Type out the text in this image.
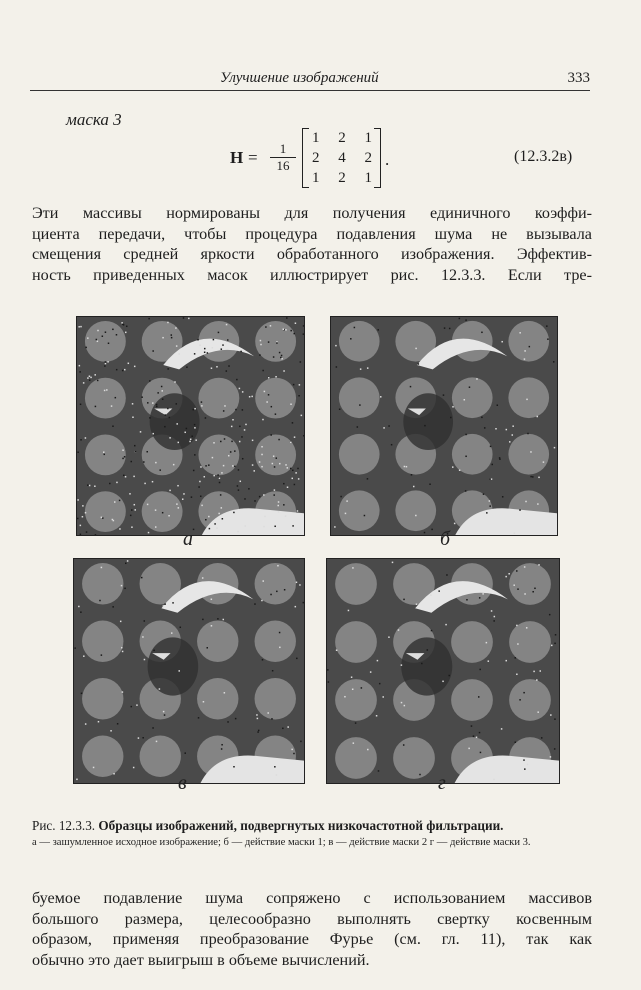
Улучшение изображений	333
маска 3
$H = \frac{1}{16}$
1 2 1
2 4 2
1 2 1
.	(12.3.2в)
Эти массивы нормированы для получения единичного коэффи-
циента передачи, чтобы процедура подавления шума не вызывала
смещения средней яркости обработанного изображения. Эффектив-
ность приведенных масок иллюстрирует рис. 12.3.3. Если тре-
а	б
в	г
Рис. 12.3.3. Образцы изображений, подвергнутых низкочастотной фильтрации.
а — зашумленное исходное изображение; б — действие маски 1; в — действие маски 2 г — действие маски 3.
буемое подавление шума сопряжено с использованием массивов
большого размера, целесообразно выполнять свертку косвенным
образом, применяя преобразование Фурье (см. гл. 11), так как
обычно это дает выигрыш в объеме вычислений.
